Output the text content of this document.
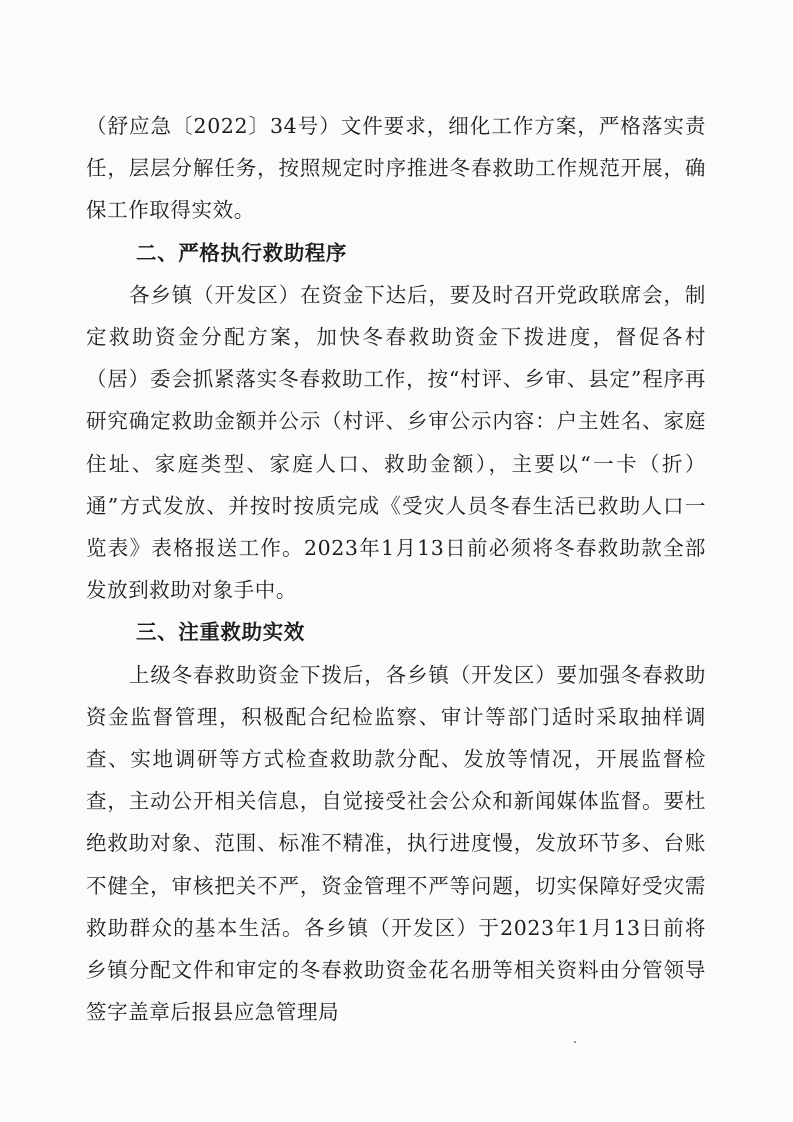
（舒应急〔2022〕34号）文件要求，细化工作方案，严格落实责任，层层分解任务，按照规定时序推进冬春救助工作规范开展，确保工作取得实效。

二、严格执行救助程序

各乡镇（开发区）在资金下达后，要及时召开党政联席会，制定救助资金分配方案，加快冬春救助资金下拨进度，督促各村（居）委会抓紧落实冬春救助工作，按“村评、乡审、县定”程序再研究确定救助金额并公示（村评、乡审公示内容：户主姓名、家庭住址、家庭类型、家庭人口、救助金额），主要以“一卡（折）通”方式发放、并按时按质完成《受灾人员冬春生活已救助人口一览表》表格报送工作。2023年1月13日前必须将冬春救助款全部发放到救助对象手中。

三、注重救助实效

上级冬春救助资金下拨后，各乡镇（开发区）要加强冬春救助资金监督管理，积极配合纪检监察、审计等部门适时采取抽样调查、实地调研等方式检查救助款分配、发放等情况，开展监督检查，主动公开相关信息，自觉接受社会公众和新闻媒体监督。要杜绝救助对象、范围、标准不精准，执行进度慢，发放环节多、台账不健全，审核把关不严，资金管理不严等问题，切实保障好受灾需救助群众的基本生活。各乡镇（开发区）于2023年1月13日前将乡镇分配文件和审定的冬春救助资金花名册等相关资料由分管领导签字盖章后报县应急管理局
